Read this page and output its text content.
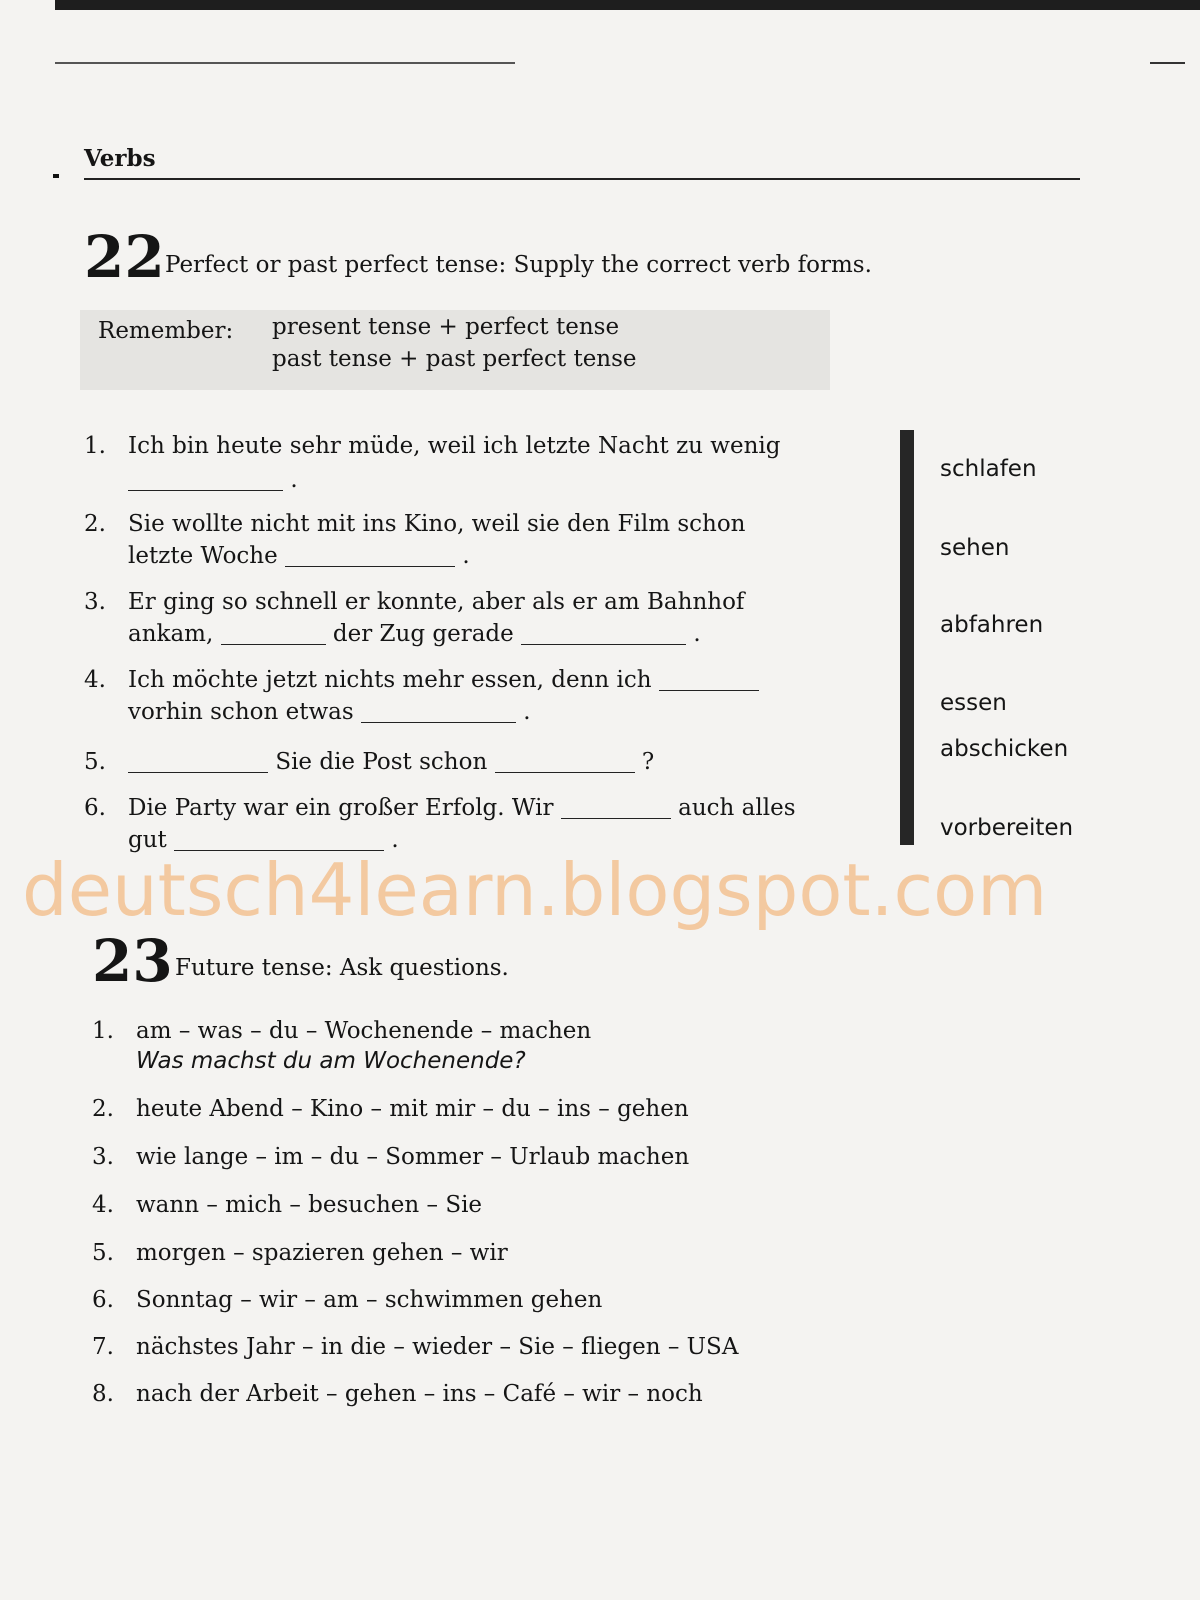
Verbs
22 Perfect or past perfect tense: Supply the correct verb forms.
Remember: present tense + perfect tense
past tense + past perfect tense
1. Ich bin heute sehr müde, weil ich letzte Nacht zu wenig
.
2. Sie wollte nicht mit ins Kino, weil sie den Film schon
letzte Woche	.
3. Er ging so schnell er konnte, aber als er am Bahnhof
ankam,	der Zug gerade	.
4. Ich möchte jetzt nichts mehr essen, denn ich
vorhin schon etwas	.
5.	Sie die Post schon	?
6. Die Party war ein großer Erfolg. Wir	auch alles
gut	.
schlafen
sehen
abfahren
essen
abschicken
vorbereiten
deutsch4learn.blogspot.com
23 Future tense: Ask questions.
1. am – was – du – Wochenende – machen
Was machst du am Wochenende?
2. heute Abend – Kino – mit mir – du – ins – gehen
3. wie lange – im – du – Sommer – Urlaub machen
4. wann – mich – besuchen – Sie
5. morgen – spazieren gehen – wir
6. Sonntag – wir – am – schwimmen gehen
7. nächstes Jahr – in die – wieder – Sie – fliegen – USA
8. nach der Arbeit – gehen – ins – Café – wir – noch
